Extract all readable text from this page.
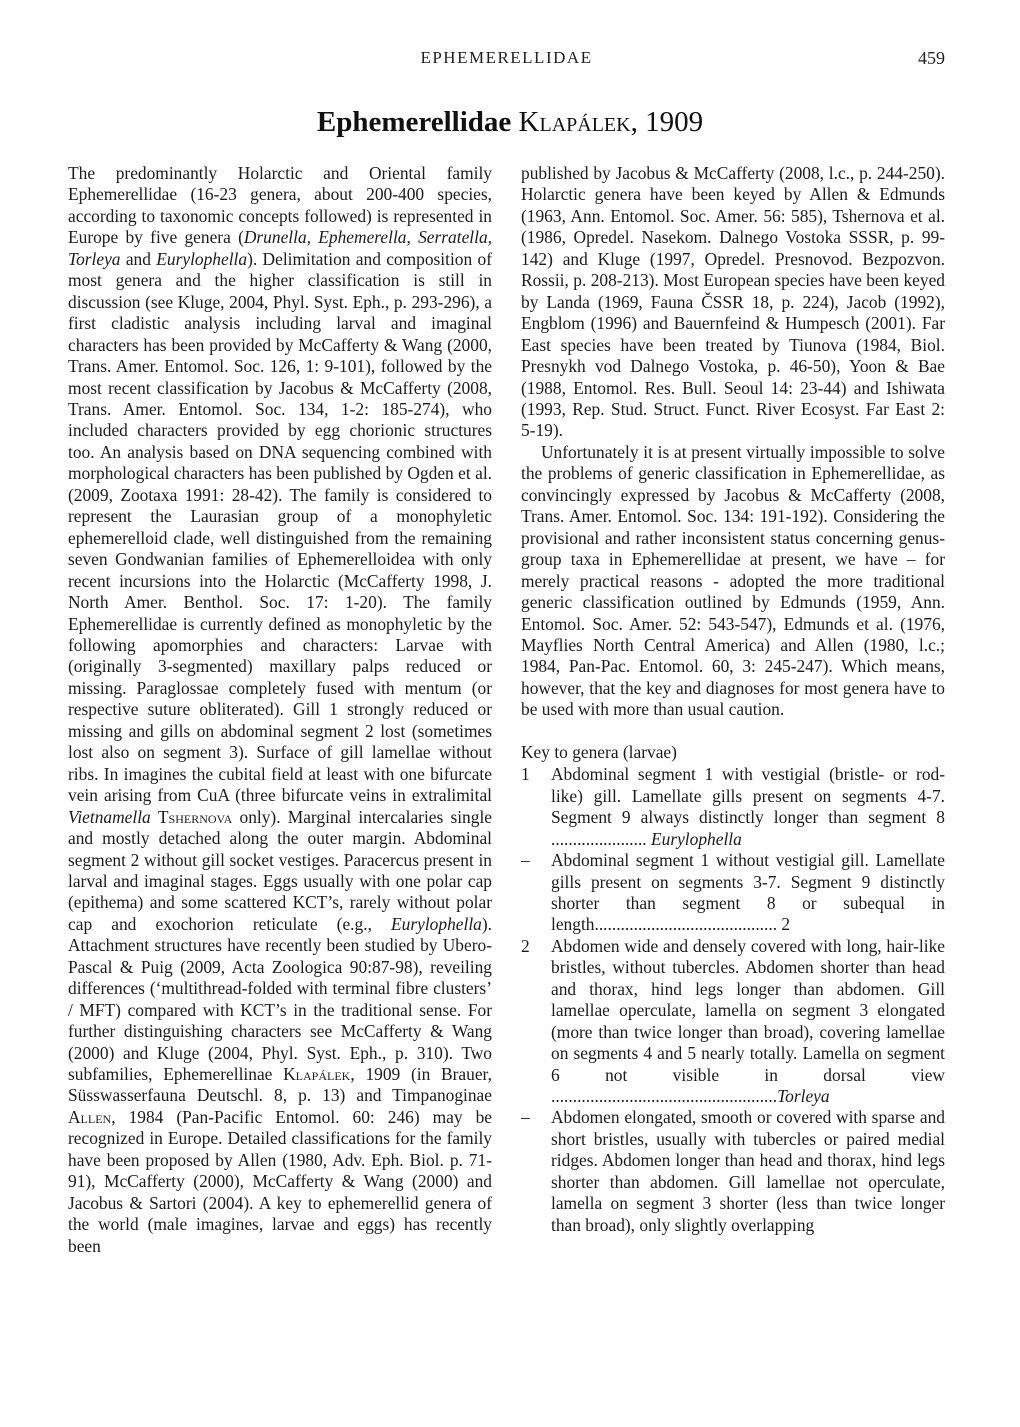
EPHEMERELLIDAE	459
Ephemerellidae Klapálek, 1909

The predominantly Holarctic and Oriental family Ephemerellidae (16-23 genera, about 200‑400 species, according to taxonomic concepts followed) is represented in Europe by five genera (Drunella, Ephemerella, Serratella, Torleya and Eurylophella). Delimitation and composition of most genera and the higher classification is still in discussion (see Kluge, 2004, Phyl. Syst. Eph., p. 293-296), a first cladistic analysis including larval and imaginal characters has been provided by McCafferty & Wang (2000, Trans. Amer. Entomol. Soc. 126, 1: 9-101), followed by the most recent classification by Jacobus & McCafferty (2008, Trans. Amer. Entomol. Soc. 134, 1-2: 185-274), who included characters provided by egg chorionic structures too. An analysis based on DNA sequencing combined with morphological characters has been published by Ogden et al. (2009, Zootaxa 1991: 28-42). The family is considered to represent the Laurasian group of a monophyletic ephemerelloid clade, well distinguished from the remaining seven Gondwanian families of Ephemerelloidea with only recent incursions into the Holarctic (McCafferty 1998, J. North Amer. Benthol. Soc. 17: 1-20). The family Ephemerellidae is currently defined as monophyletic by the following apomorphies and characters: Larvae with (originally 3-segmented) maxillary palps reduced or missing. Paraglossae completely fused with mentum (or respective suture obliterated). Gill 1 strongly reduced or missing and gills on abdominal segment 2 lost (sometimes lost also on segment 3). Surface of gill lamellae without ribs. In imagines the cubital field at least with one bifurcate vein arising from CuA (three bifurcate veins in extralimital Vietnamella Tshernova only). Marginal intercalaries single and mostly detached along the outer margin. Abdominal segment 2 without gill socket vestiges. Paracercus present in larval and imaginal stages. Eggs usually with one polar cap (epithema) and some scattered KCT’s, rarely without polar cap and exochorion reticulate (e.g., Eurylophella). Attachment structures have recently been studied by Ubero-Pascal & Puig (2009, Acta Zoologica 90:87-98), reveiling differences (‘multithread-folded with terminal fibre clusters’ / MFT) compared with KCT’s in the traditional sense. For further distinguishing characters see McCafferty & Wang (2000) and Kluge (2004, Phyl. Syst. Eph., p. 310). Two subfamilies, Ephemerellinae Klapálek, 1909 (in Brauer, Süsswasserfauna Deutschl. 8, p. 13) and Timpanoginae Allen, 1984 (Pan-Pacific Entomol. 60: 246) may be recognized in Europe. Detailed classifications for the family have been proposed by Allen (1980, Adv. Eph. Biol. p. 71-91), McCafferty (2000), McCafferty & Wang (2000) and Jacobus & Sartori (2004). A key to ephemerellid genera of the world (male imagines, larvae and eggs) has recently been

published by Jacobus & McCafferty (2008, l.c., p. 244-250). Holarctic genera have been keyed by Allen & Edmunds (1963, Ann. Entomol. Soc. Amer. 56: 585), Tshernova et al. (1986, Opredel. Nasekom. Dalnego Vostoka SSSR, p. 99-142) and Kluge (1997, Opredel. Presnovod. Bezpozvon. Rossii, p. 208-213). Most European species have been keyed by Landa (1969, Fauna ČSSR 18, p. 224), Jacob (1992), Engblom (1996) and Bauernfeind & Humpesch (2001). Far East species have been treated by Tiunova (1984, Biol. Presnykh vod Dalnego Vostoka, p. 46-50), Yoon & Bae (1988, Entomol. Res. Bull. Seoul 14: 23-44) and Ishiwata (1993, Rep. Stud. Struct. Funct. River Ecosyst. Far East 2: 5-19).

Unfortunately it is at present virtually impossible to solve the problems of generic classification in Ephemerellidae, as convincingly expressed by Jacobus & McCafferty (2008, Trans. Amer. Entomol. Soc. 134: 191-192). Considering the provisional and rather inconsistent status concerning genus-group taxa in Ephemerellidae at present, we have – for merely practical reasons - adopted the more traditional generic classification outlined by Edmunds (1959, Ann. Entomol. Soc. Amer. 52: 543-547), Edmunds et al. (1976, Mayflies North Central America) and Allen (1980, l.c.; 1984, Pan-Pac. Entomol. 60, 3: 245-247). Which means, however, that the key and diagnoses for most genera have to be used with more than usual caution.

Key to genera (larvae)
1	Abdominal segment 1 with vestigial (bristle- or rod-like) gill. Lamellate gills present on segments 4-7. Segment 9 always distinctly longer than segment 8 ...................... Eurylophella
–	Abdominal segment 1 without vestigial gill. Lamellate gills present on segments 3-7. Segment 9 distinctly shorter than segment 8 or subequal in length.......................................... 2
2	Abdomen wide and densely covered with long, hair-like bristles, without tubercles. Abdomen shorter than head and thorax, hind legs longer than abdomen. Gill lamellae operculate, lamella on segment 3 elongated (more than twice longer than broad), covering lamellae on segments 4 and 5 nearly totally. Lamella on segment 6 not visible in dorsal view ....................................................Torleya
–	Abdomen elongated, smooth or covered with sparse and short bristles, usually with tubercles or paired medial ridges. Abdomen longer than head and thorax, hind legs shorter than abdomen. Gill lamellae not operculate, lamella on segment 3 shorter (less than twice longer than broad), only slightly overlapping
